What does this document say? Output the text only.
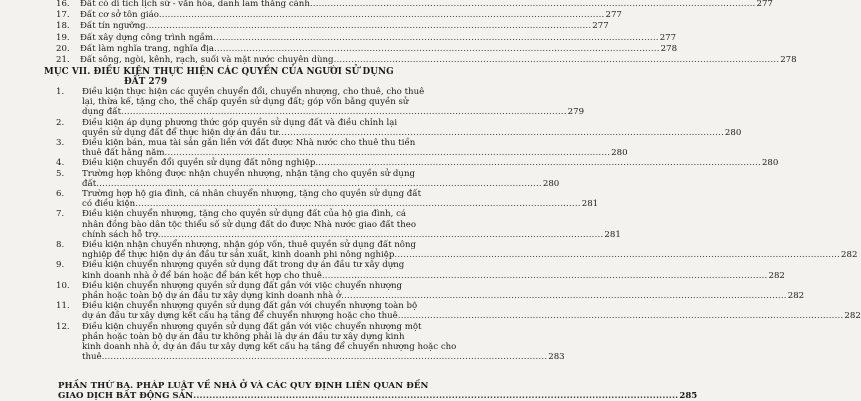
16.	Đất có di tích lịch sử - văn hóa, danh lam thắng cảnh .....	277
17.	Đất cơ sở tôn giáo .....	277
18.	Đất tín ngưỡng .....	277
19.	Đất xây dựng công trình ngầm .....	277
20.	Đất làm nghĩa trang, nghĩa địa .....	278
21.	Đất sông, ngòi, kênh, rạch, suối và mặt nước chuyên dùng .....	278
MỤC VII. ĐIỀU KIỆN THỰC HIỆN CÁC QUYỀN CỦA NGƯỜI SỬ DỤNG
ĐẤT 279
1. Điều kiện thực hiện các quyền chuyển đổi, chuyển nhượng, cho thuê, cho thuê
lại, thừa kế, tặng cho, thế chấp quyền sử dụng đất; góp vốn bằng quyền sử
dụng đất .....	279
2. Điều kiện áp dụng phương thức góp quyền sử dụng đất và điều chỉnh lại
quyền sử dụng đất để thực hiện dự án đầu tư .....	280
3. Điều kiện bán, mua tài sản gắn liền với đất được Nhà nước cho thuê thu tiền
thuê đất hằng năm .....	280
4.	Điều kiện chuyển đổi quyền sử dụng đất nông nghiệp .....	280
5. Trường hợp không được nhận chuyển nhượng, nhận tặng cho quyền sử dụng
đất .....	280
6. Trường hợp hộ gia đình, cá nhân chuyển nhượng, tặng cho quyền sử dụng đất
có điều kiện .....	281
7. Điều kiện chuyển nhượng, tặng cho quyền sử dụng đất của hộ gia đình, cá
nhân đồng bào dân tộc thiểu số sử dụng đất do được Nhà nước giao đất theo
chính sách hỗ trợ .....	281
8. Điều kiện nhận chuyển nhượng, nhận góp vốn, thuê quyền sử dụng đất nông
nghiệp để thực hiện dự án đầu tư sản xuất, kinh doanh phi nông nghiệp .....	282
9. Điều kiện chuyển nhượng quyền sử dụng đất trong dự án đầu tư xây dựng
kinh doanh nhà ở để bán hoặc để bán kết hợp cho thuê .....	282
10. Điều kiện chuyển nhượng quyền sử dụng đất gắn với việc chuyển nhượng
phần hoặc toàn bộ dự án đầu tư xây dựng kinh doanh nhà ở .....	282
11. Điều kiện chuyển nhượng quyền sử dụng đất gắn với chuyển nhượng toàn bộ
dự án đầu tư xây dựng kết cấu hạ tầng để chuyển nhượng hoặc cho thuê .....	282
12. Điều kiện chuyển nhượng quyền sử dụng đất gắn với việc chuyển nhượng một
phần hoặc toàn bộ dự án đầu tư không phải là dự án đầu tư xây dựng kinh
kinh doanh nhà ở, dự án đầu tư xây dựng kết cấu hạ tầng để chuyển nhượng hoặc cho
thuê .....	283
PHẦN THỨ BA. PHÁP LUẬT VỀ NHÀ Ở VÀ CÁC QUY ĐỊNH LIÊN QUAN ĐẾN
GIAO DỊCH BẤT ĐỘNG SẢN .....	285
